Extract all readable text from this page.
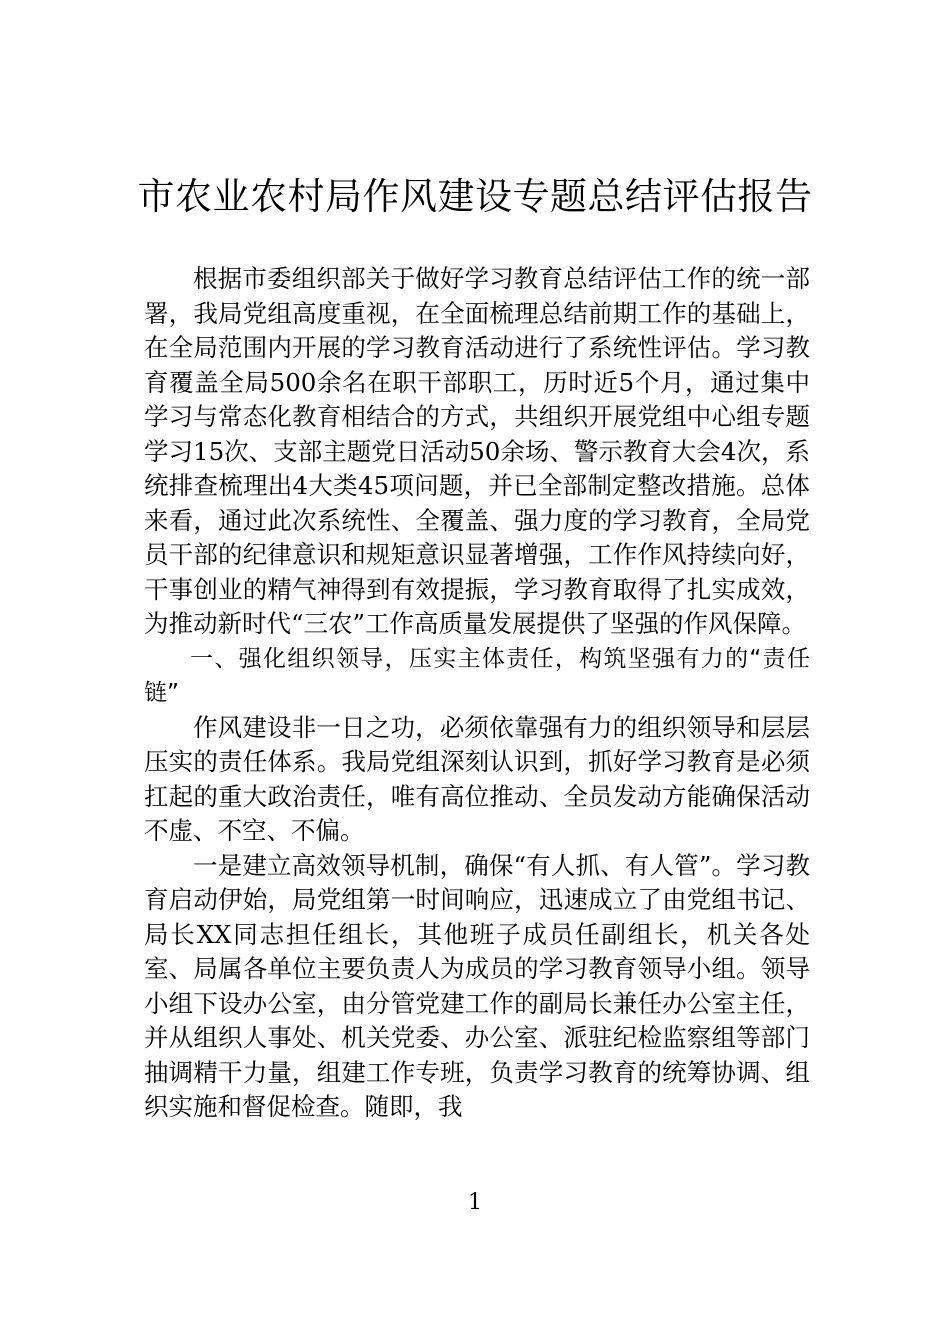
市农业农村局作风建设专题总结评估报告

根据市委组织部关于做好学习教育总结评估工作的统一部署，我局党组高度重视，在全面梳理总结前期工作的基础上，在全局范围内开展的学习教育活动进行了系统性评估。学习教育覆盖全局500余名在职干部职工，历时近5个月，通过集中学习与常态化教育相结合的方式，共组织开展党组中心组专题学习15次、支部主题党日活动50余场、警示教育大会4次，系统排查梳理出4大类45项问题，并已全部制定整改措施。总体来看，通过此次系统性、全覆盖、强力度的学习教育，全局党员干部的纪律意识和规矩意识显著增强，工作作风持续向好，干事创业的精气神得到有效提振，学习教育取得了扎实成效，为推动新时代“三农”工作高质量发展提供了坚强的作风保障。

一、强化组织领导，压实主体责任，构筑坚强有力的“责任链”

作风建设非一日之功，必须依靠强有力的组织领导和层层压实的责任体系。我局党组深刻认识到，抓好学习教育是必须扛起的重大政治责任，唯有高位推动、全员发动方能确保活动不虚、不空、不偏。

一是建立高效领导机制，确保“有人抓、有人管”。学习教育启动伊始，局党组第一时间响应，迅速成立了由党组书记、局长XX同志担任组长，其他班子成员任副组长，机关各处室、局属各单位主要负责人为成员的学习教育领导小组。领导小组下设办公室，由分管党建工作的副局长兼任办公室主任，并从组织人事处、机关党委、办公室、派驻纪检监察组等部门抽调精干力量，组建工作专班，负责学习教育的统筹协调、组织实施和督促检查。随即，我

1
